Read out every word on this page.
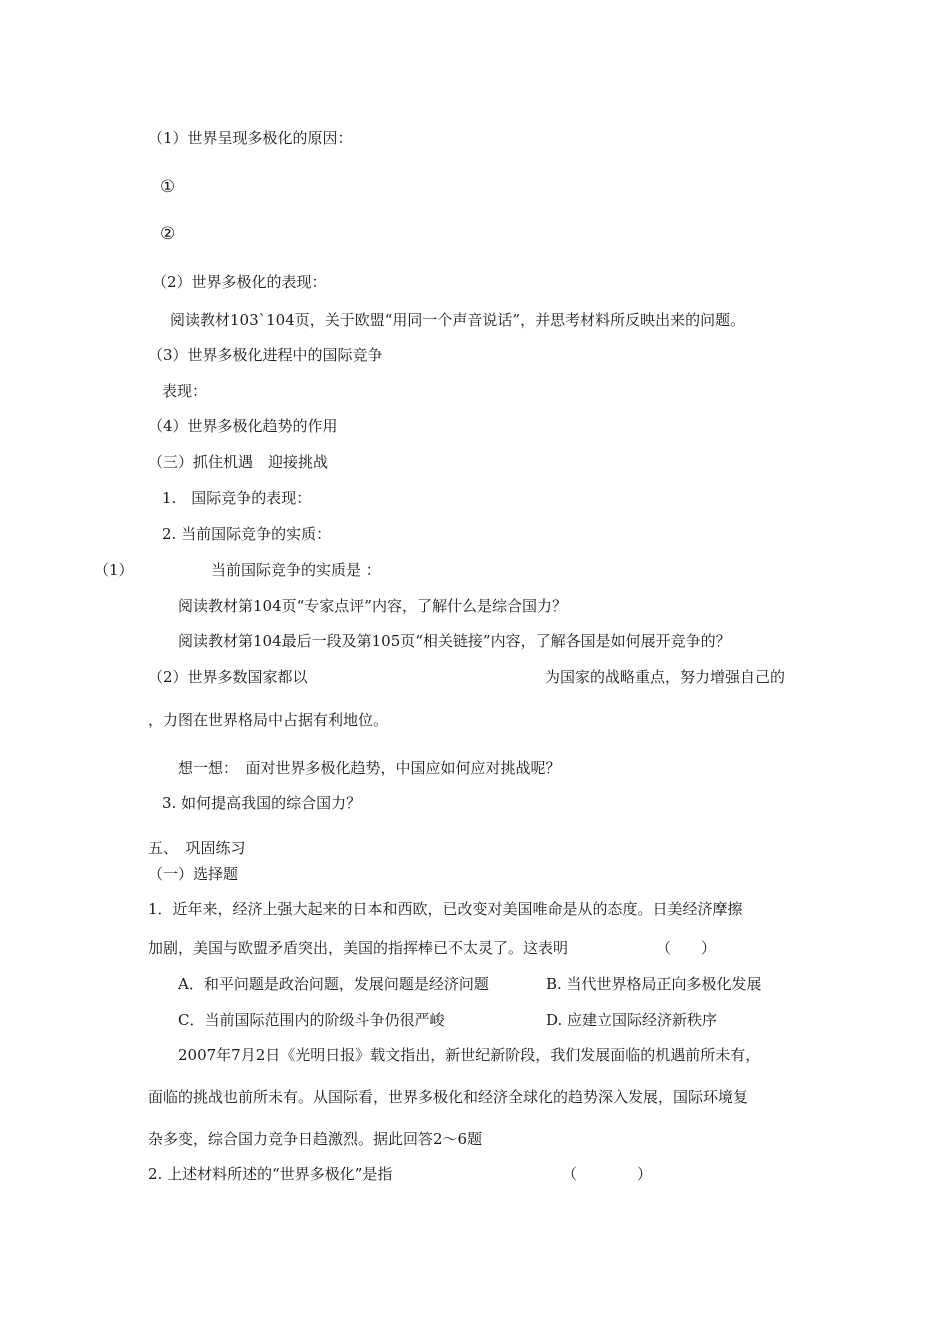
（1）世界呈现多极化的原因：
①
②
（2）世界多极化的表现：
阅读教材103`104页，关于欧盟“用同一个声音说话”，并思考材料所反映出来的问题。
（3）世界多极化进程中的国际竞争
表现：
（4）世界多极化趋势的作用
（三）抓住机遇　迎接挑战
1.　国际竞争的表现：
2. 当前国际竞争的实质：
（1）	当前国际竞争的实质是 ：
阅读教材第104页“专家点评”内容，了解什么是综合国力？
阅读教材第104最后一段及第105页“相关链接”内容，了解各国是如何展开竞争的？
（2）世界多数国家都以	为国家的战略重点，努力增强自己的
，力图在世界格局中占据有利地位。
想一想：　面对世界多极化趋势，中国应如何应对挑战呢？
3. 如何提高我国的综合国力？
五、　巩固练习
（一）选择题
1．近年来，经济上强大起来的日本和西欧，已改变对美国唯命是从的态度。日美经济摩擦
加剧，美国与欧盟矛盾突出，美国的指挥棒已不太灵了。这表明	（　　）
A．和平问题是政治问题，发展问题是经济问题	B. 当代世界格局正向多极化发展
C．当前国际范围内的阶级斗争仍很严峻	D. 应建立国际经济新秩序
2007年7月2日《光明日报》载文指出，新世纪新阶段，我们发展面临的机遇前所未有，
面临的挑战也前所未有。从国际看，世界多极化和经济全球化的趋势深入发展，国际环境复
杂多变，综合国力竞争日趋激烈。据此回答2～6题
2. 上述材料所述的“世界多极化”是指	（　　　　）
